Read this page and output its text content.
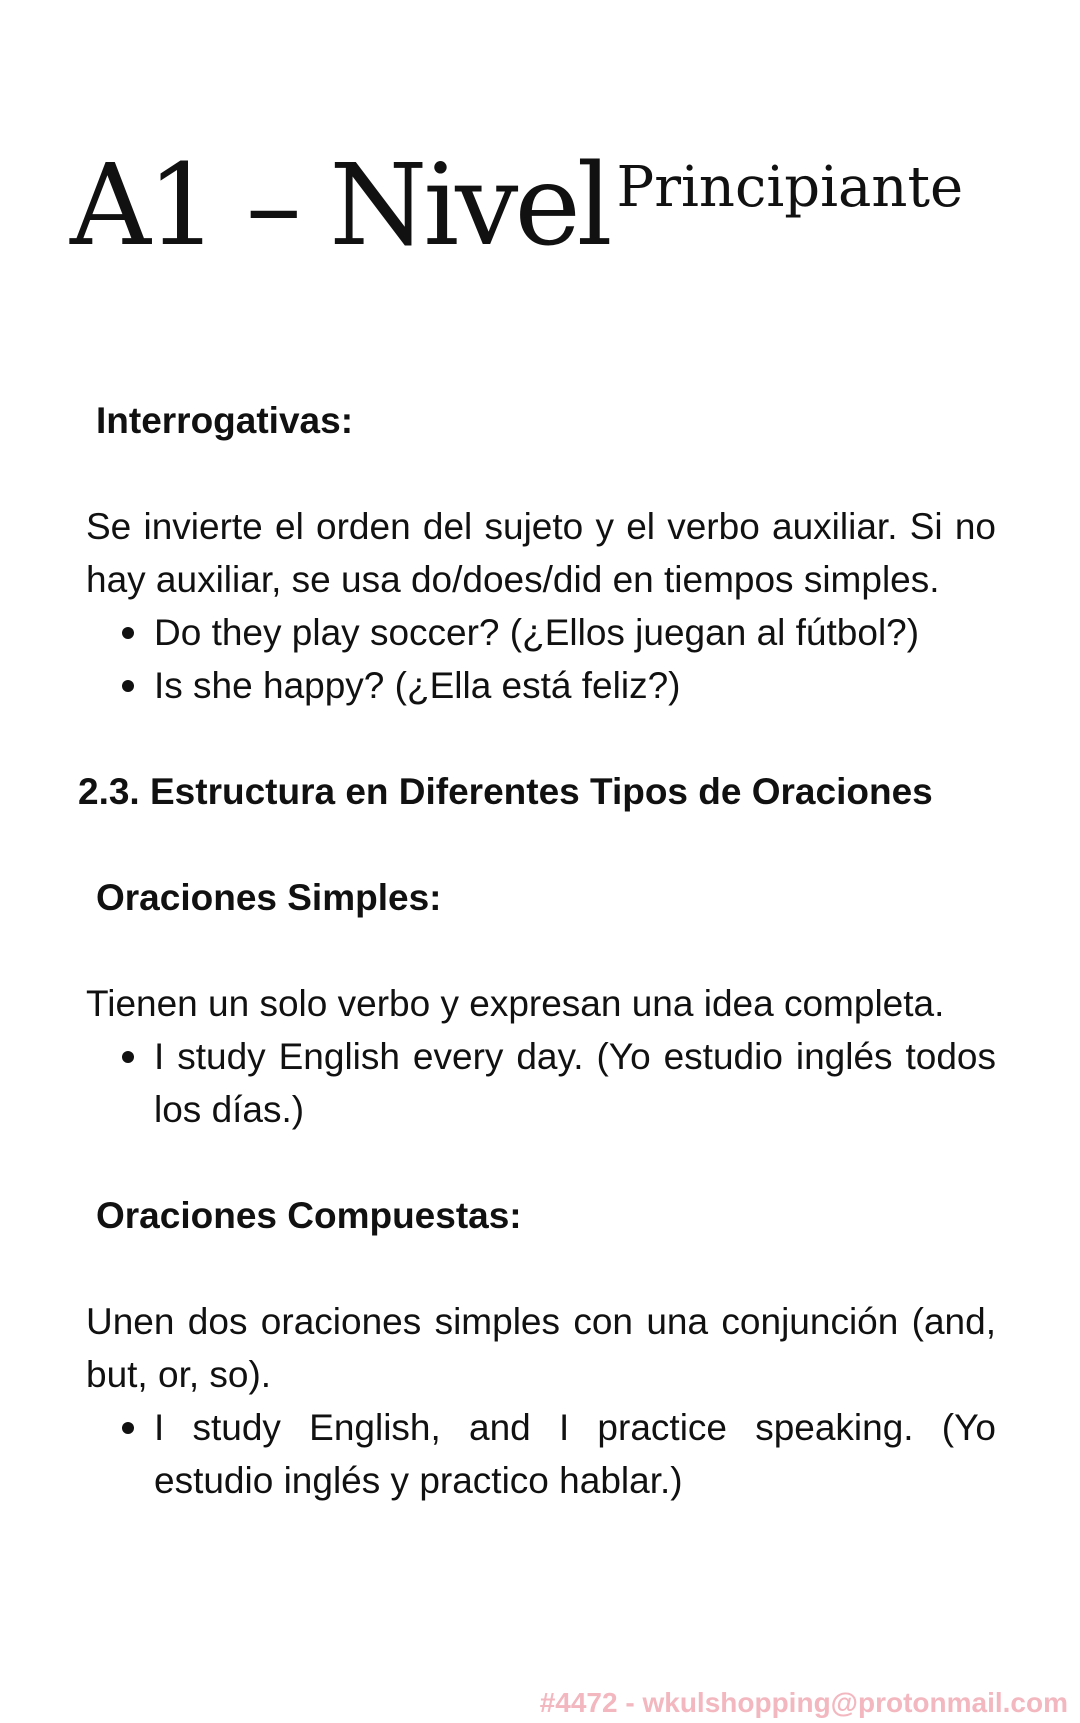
A1 – Nivel Principiante

Interrogativas:

Se invierte el orden del sujeto y el verbo auxiliar. Si no hay auxiliar, se usa do/does/did en tiempos simples.

Do they play soccer? (¿Ellos juegan al fútbol?)
Is she happy? (¿Ella está feliz?)

2.3. Estructura en Diferentes Tipos de Oraciones

Oraciones Simples:

Tienen un solo verbo y expresan una idea completa.

I study English every day. (Yo estudio inglés todos los días.)

Oraciones Compuestas:

Unen dos oraciones simples con una conjunción (and, but, or, so).

I study English, and I practice speaking. (Yo estudio inglés y practico hablar.)
#4472 - wkulshopping@protonmail.com
